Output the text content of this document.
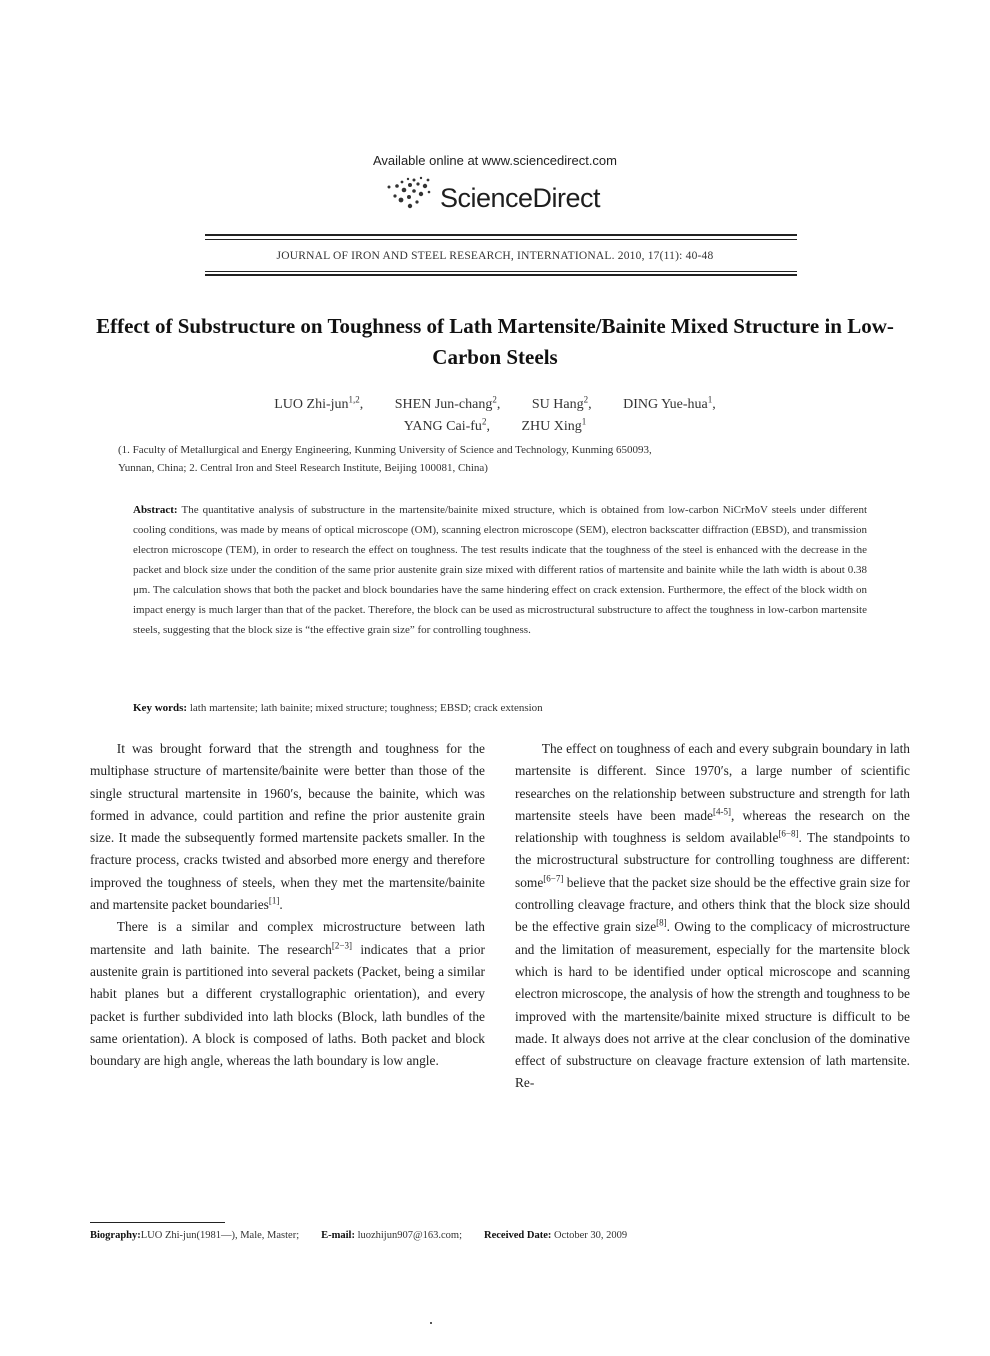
Available online at www.sciencedirect.com
ScienceDirect
JOURNAL OF IRON AND STEEL RESEARCH, INTERNATIONAL. 2010, 17(11): 40-48
Effect of Substructure on Toughness of Lath Martensite/Bainite Mixed Structure in Low-Carbon Steels
LUO Zhi-jun$^{1,2}$, SHEN Jun-chang$^2$, SU Hang$^2$, DING Yue-hua$^1$,
YANG Cai-$fu^2$, ZHU Xing$^1$
(1. Faculty of Metallurgical and Energy Engineering, Kunming University of Science and Technology, Kunming 650093,
Yunnan, China; 2. Central Iron and Steel Research Institute, Beijing 100081, China)
Abstract: The quantitative analysis of substructure in the martensite/bainite mixed structure, which is obtained from low-carbon NiCrMoV steels under different cooling conditions, was made by means of optical microscope (OM), scanning electron microscope (SEM), electron backscatter diffraction (EBSD), and transmission electron microscope (TEM), in order to research the effect on toughness. The test results indicate that the toughness of the steel is enhanced with the decrease in the packet and block size under the condition of the same prior austenite grain size mixed with different ratios of martensite and bainite while the lath width is about 0.38 μm. The calculation shows that both the packet and block boundaries have the same hindering effect on crack extension. Furthermore, the effect of the block width on impact energy is much larger than that of the packet. Therefore, the block can be used as microstructural substructure to affect the toughness in low-carbon martensite steels, suggesting that the block size is “the effective grain size” for controlling toughness.
Key words: lath martensite; lath bainite; mixed structure; toughness; EBSD; crack extension

It was brought forward that the strength and toughness for the multiphase structure of martensite/bainite were better than those of the single structural martensite in 1960′s, because the bainite, which was formed in advance, could partition and refine the prior austenite grain size. It made the subsequently formed martensite packets smaller. In the fracture process, cracks twisted and absorbed more energy and therefore improved the toughness of steels, when they met the martensite/bainite and martensite packet boundaries[1].

There is a similar and complex microstructure between lath martensite and lath bainite. The research[2−3] indicates that a prior austenite grain is partitioned into several packets (Packet, being a similar habit planes but a different crystallographic orientation), and every packet is further subdivided into lath blocks (Block, lath bundles of the same orientation). A block is composed of laths. Both packet and block boundary are high angle, whereas the lath boundary is low angle.

The effect on toughness of each and every subgrain boundary in lath martensite is different. Since 1970′s, a large number of scientific researches on the relationship between substructure and strength for lath martensite steels have been made[4-5], whereas the research on the relationship with toughness is seldom available[6−8]. The standpoints to the microstructural substructure for controlling toughness are different: some[6−7] believe that the packet size should be the effective grain size for controlling cleavage fracture, and others think that the block size should be the effective grain size[8]. Owing to the complicacy of microstructure and the limitation of measurement, especially for the martensite block which is hard to be identified under optical microscope and scanning electron microscope, the analysis of how the strength and toughness to be improved with the martensite/bainite mixed structure is difficult to be made. It always does not arrive at the clear conclusion of the dominative effect of substructure on cleavage fracture extension of lath martensite. Re-

Biography:LUO Zhi-jun(1981—), Male, Master; E-mail: luozhijun907@163.com; Received Date: October 30, 2009
